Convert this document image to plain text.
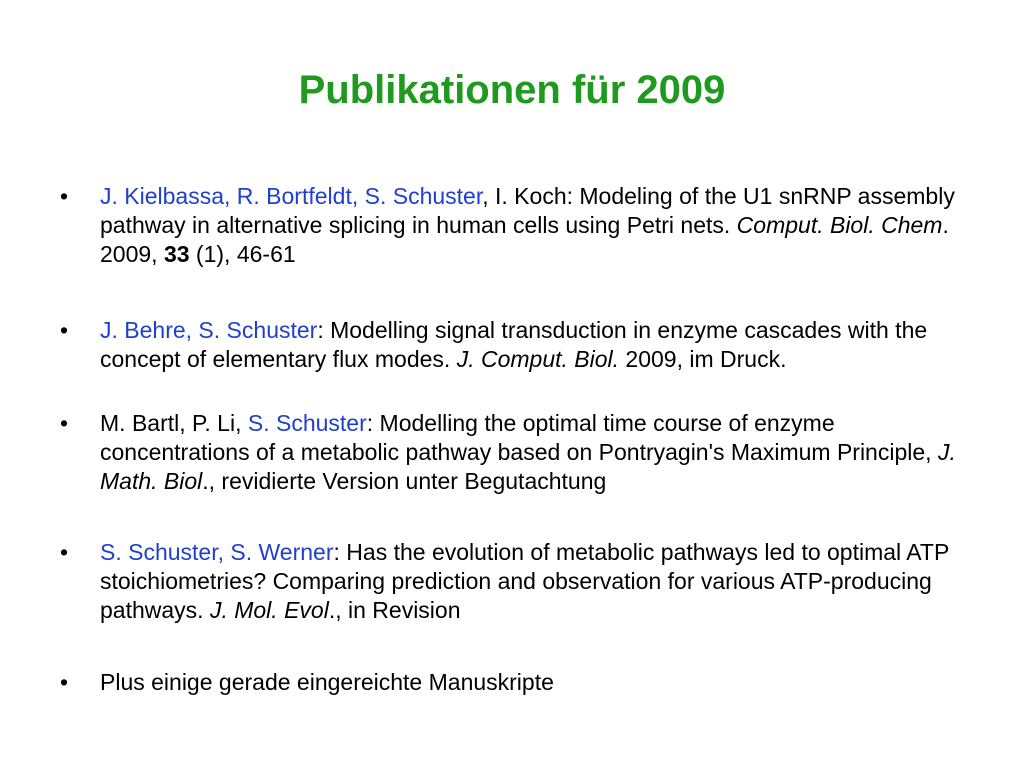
Publikationen für 2009
•	J. Kielbassa, R. Bortfeldt, S. Schuster, I. Koch: Modeling of the U1 snRNP assembly pathway in alternative splicing in human cells using Petri nets. Comput. Biol. Chem. 2009, 33 (1), 46-61
•	J. Behre, S. Schuster: Modelling signal transduction in enzyme cascades with the concept of elementary flux modes. J. Comput. Biol. 2009, im Druck.
•	M. Bartl, P. Li, S. Schuster: Modelling the optimal time course of enzyme concentrations of a metabolic pathway based on Pontryagin's Maximum Principle, J. Math. Biol., revidierte Version unter Begutachtung
•	S. Schuster, S. Werner: Has the evolution of metabolic pathways led to optimal ATP stoichiometries? Comparing prediction and observation for various ATP-producing pathways. J. Mol. Evol., in Revision
•	Plus einige gerade eingereichte Manuskripte
